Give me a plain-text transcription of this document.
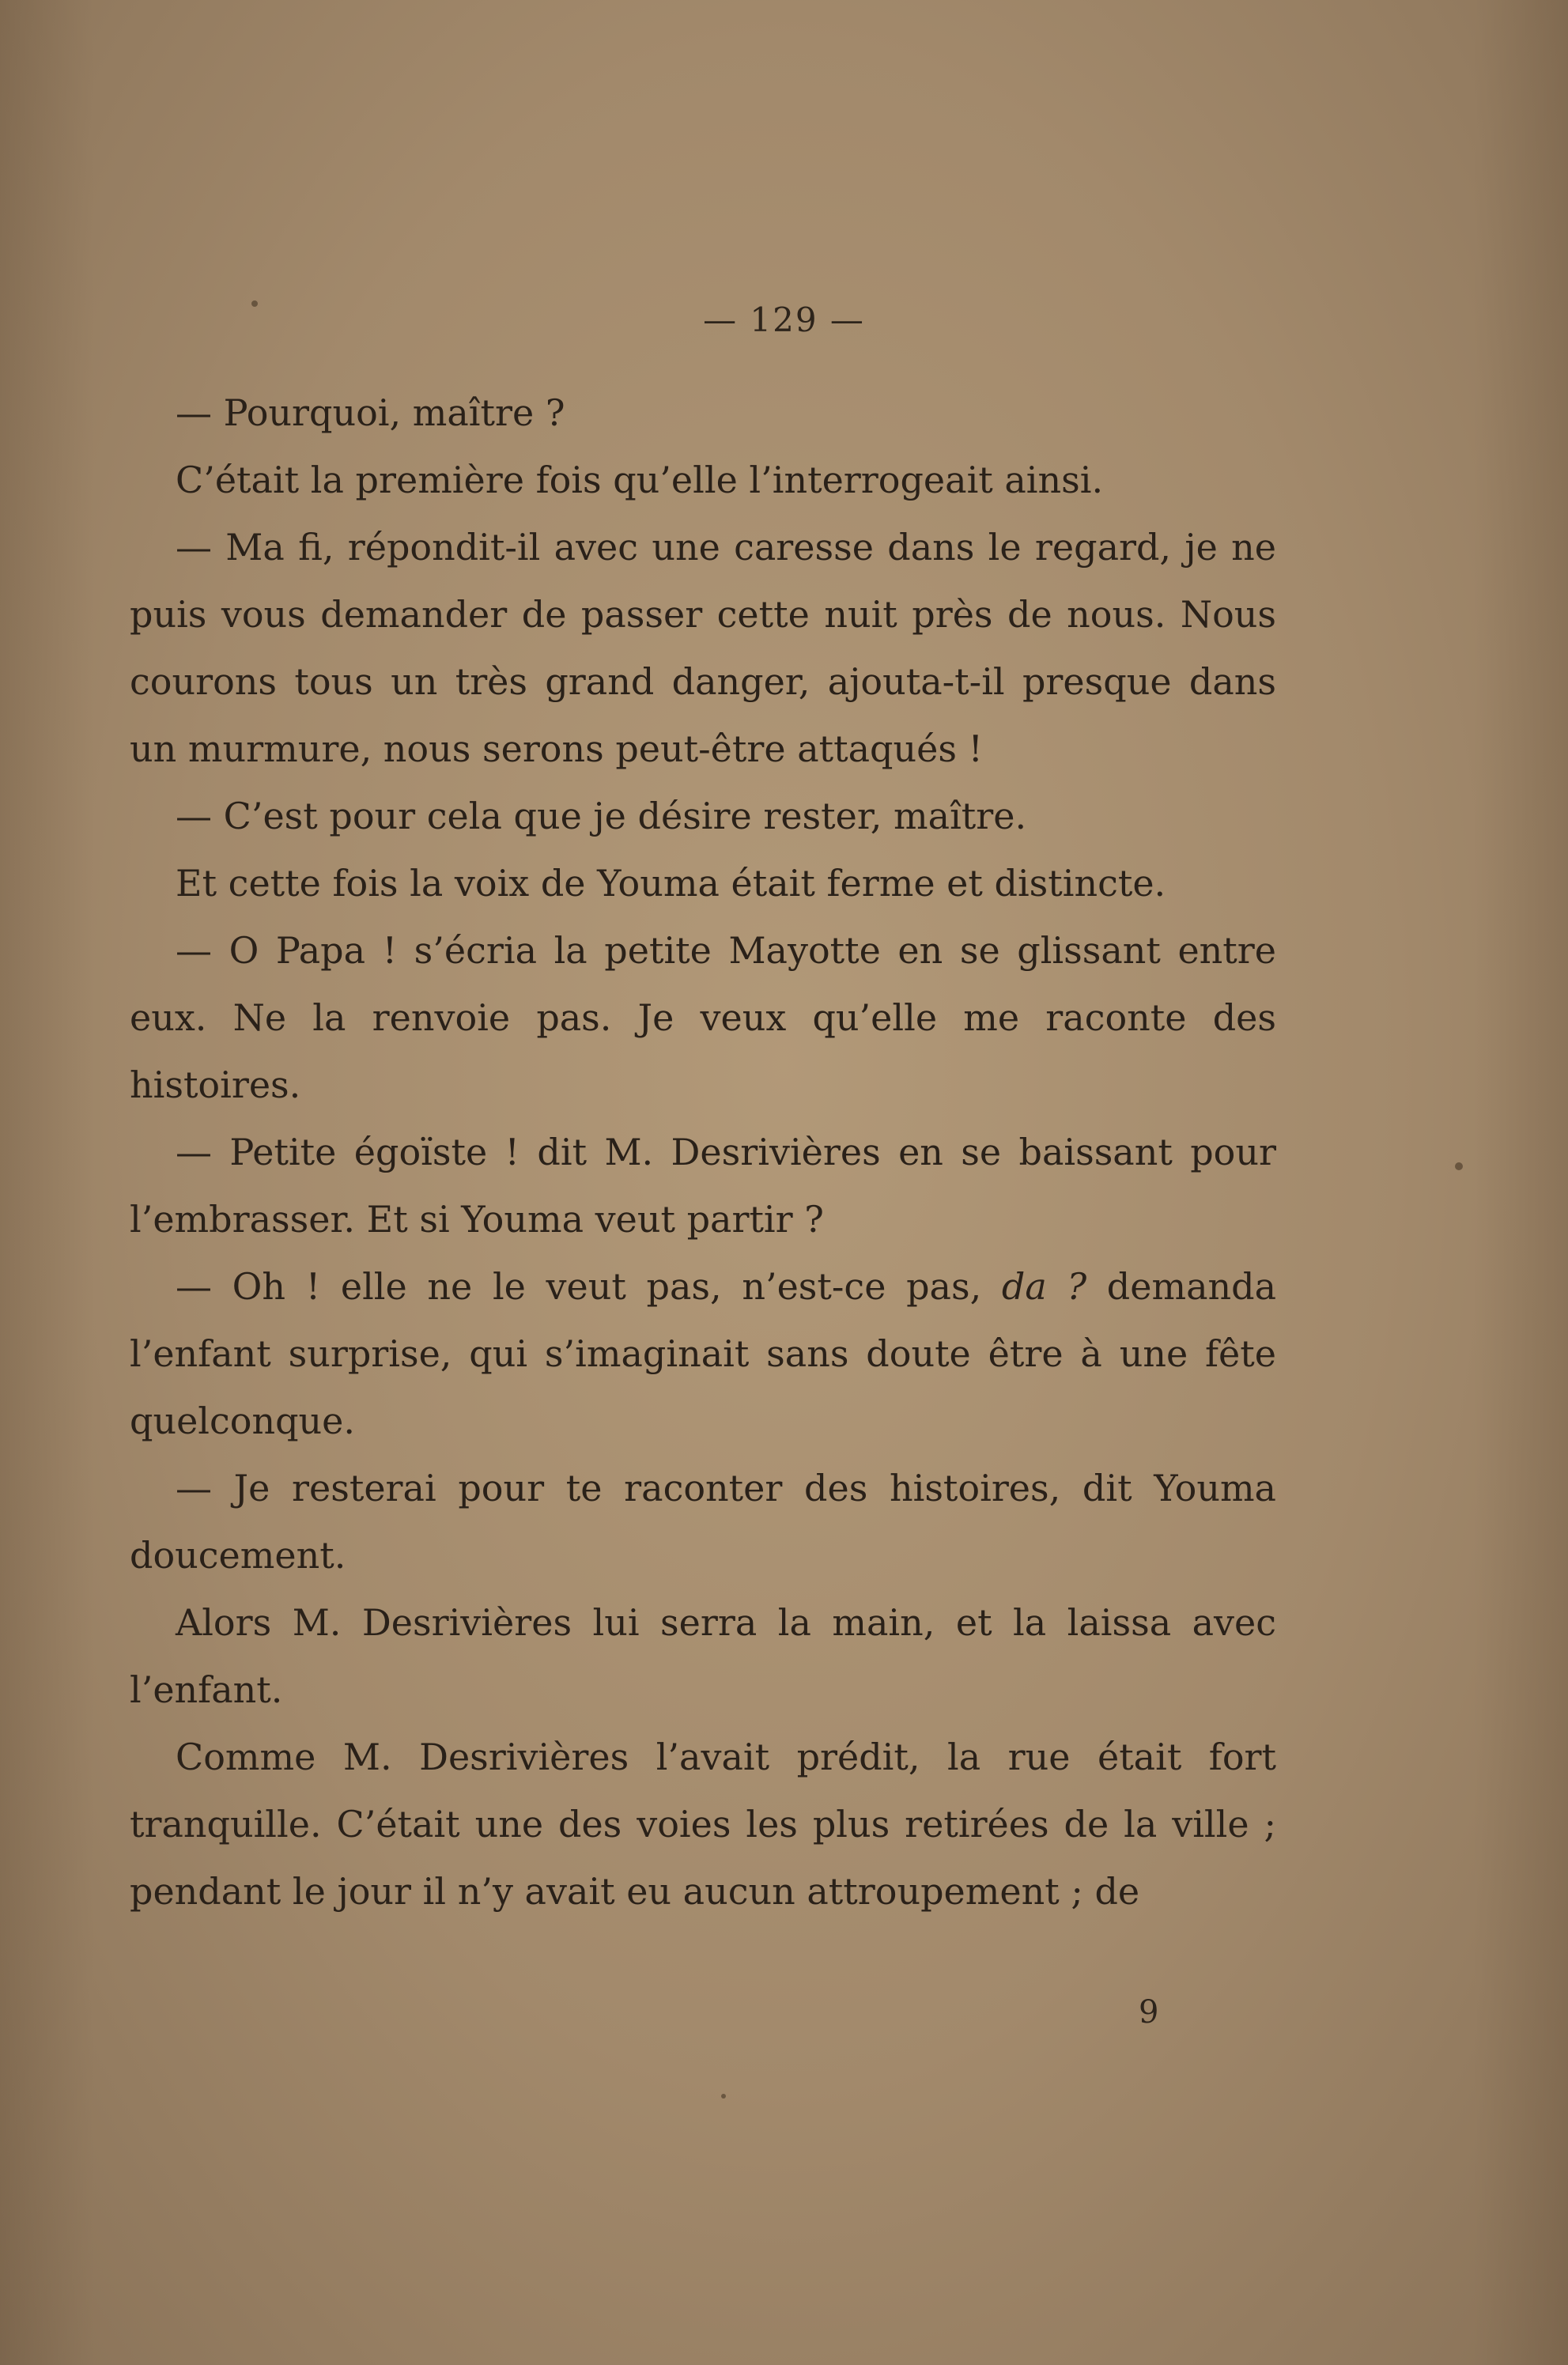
— 129 —

— Pourquoi, maître ?

C’était la première fois qu’elle l’interrogeait ainsi.

— Ma fi, répondit-il avec une caresse dans le regard, je ne puis vous demander de passer cette nuit près de nous. Nous courons tous un très grand danger, ajouta-t-il presque dans un murmure, nous serons peut-être attaqués !

— C’est pour cela que je désire rester, maître.

Et cette fois la voix de Youma était ferme et distincte.

— O Papa ! s’écria la petite Mayotte en se glissant entre eux. Ne la renvoie pas. Je veux qu’elle me raconte des histoires.

— Petite égoïste ! dit M. Desrivières en se baissant pour l’embrasser. Et si Youma veut partir ?

— Oh ! elle ne le veut pas, n’est-ce pas, da ? demanda l’enfant surprise, qui s’imaginait sans doute être à une fête quelconque.

— Je resterai pour te raconter des histoires, dit Youma doucement.

Alors M. Desrivières lui serra la main, et la laissa avec l’enfant.

Comme M. Desrivières l’avait prédit, la rue était fort tranquille. C’était une des voies les plus retirées de la ville ; pendant le jour il n’y avait eu aucun attroupement ; de

9
